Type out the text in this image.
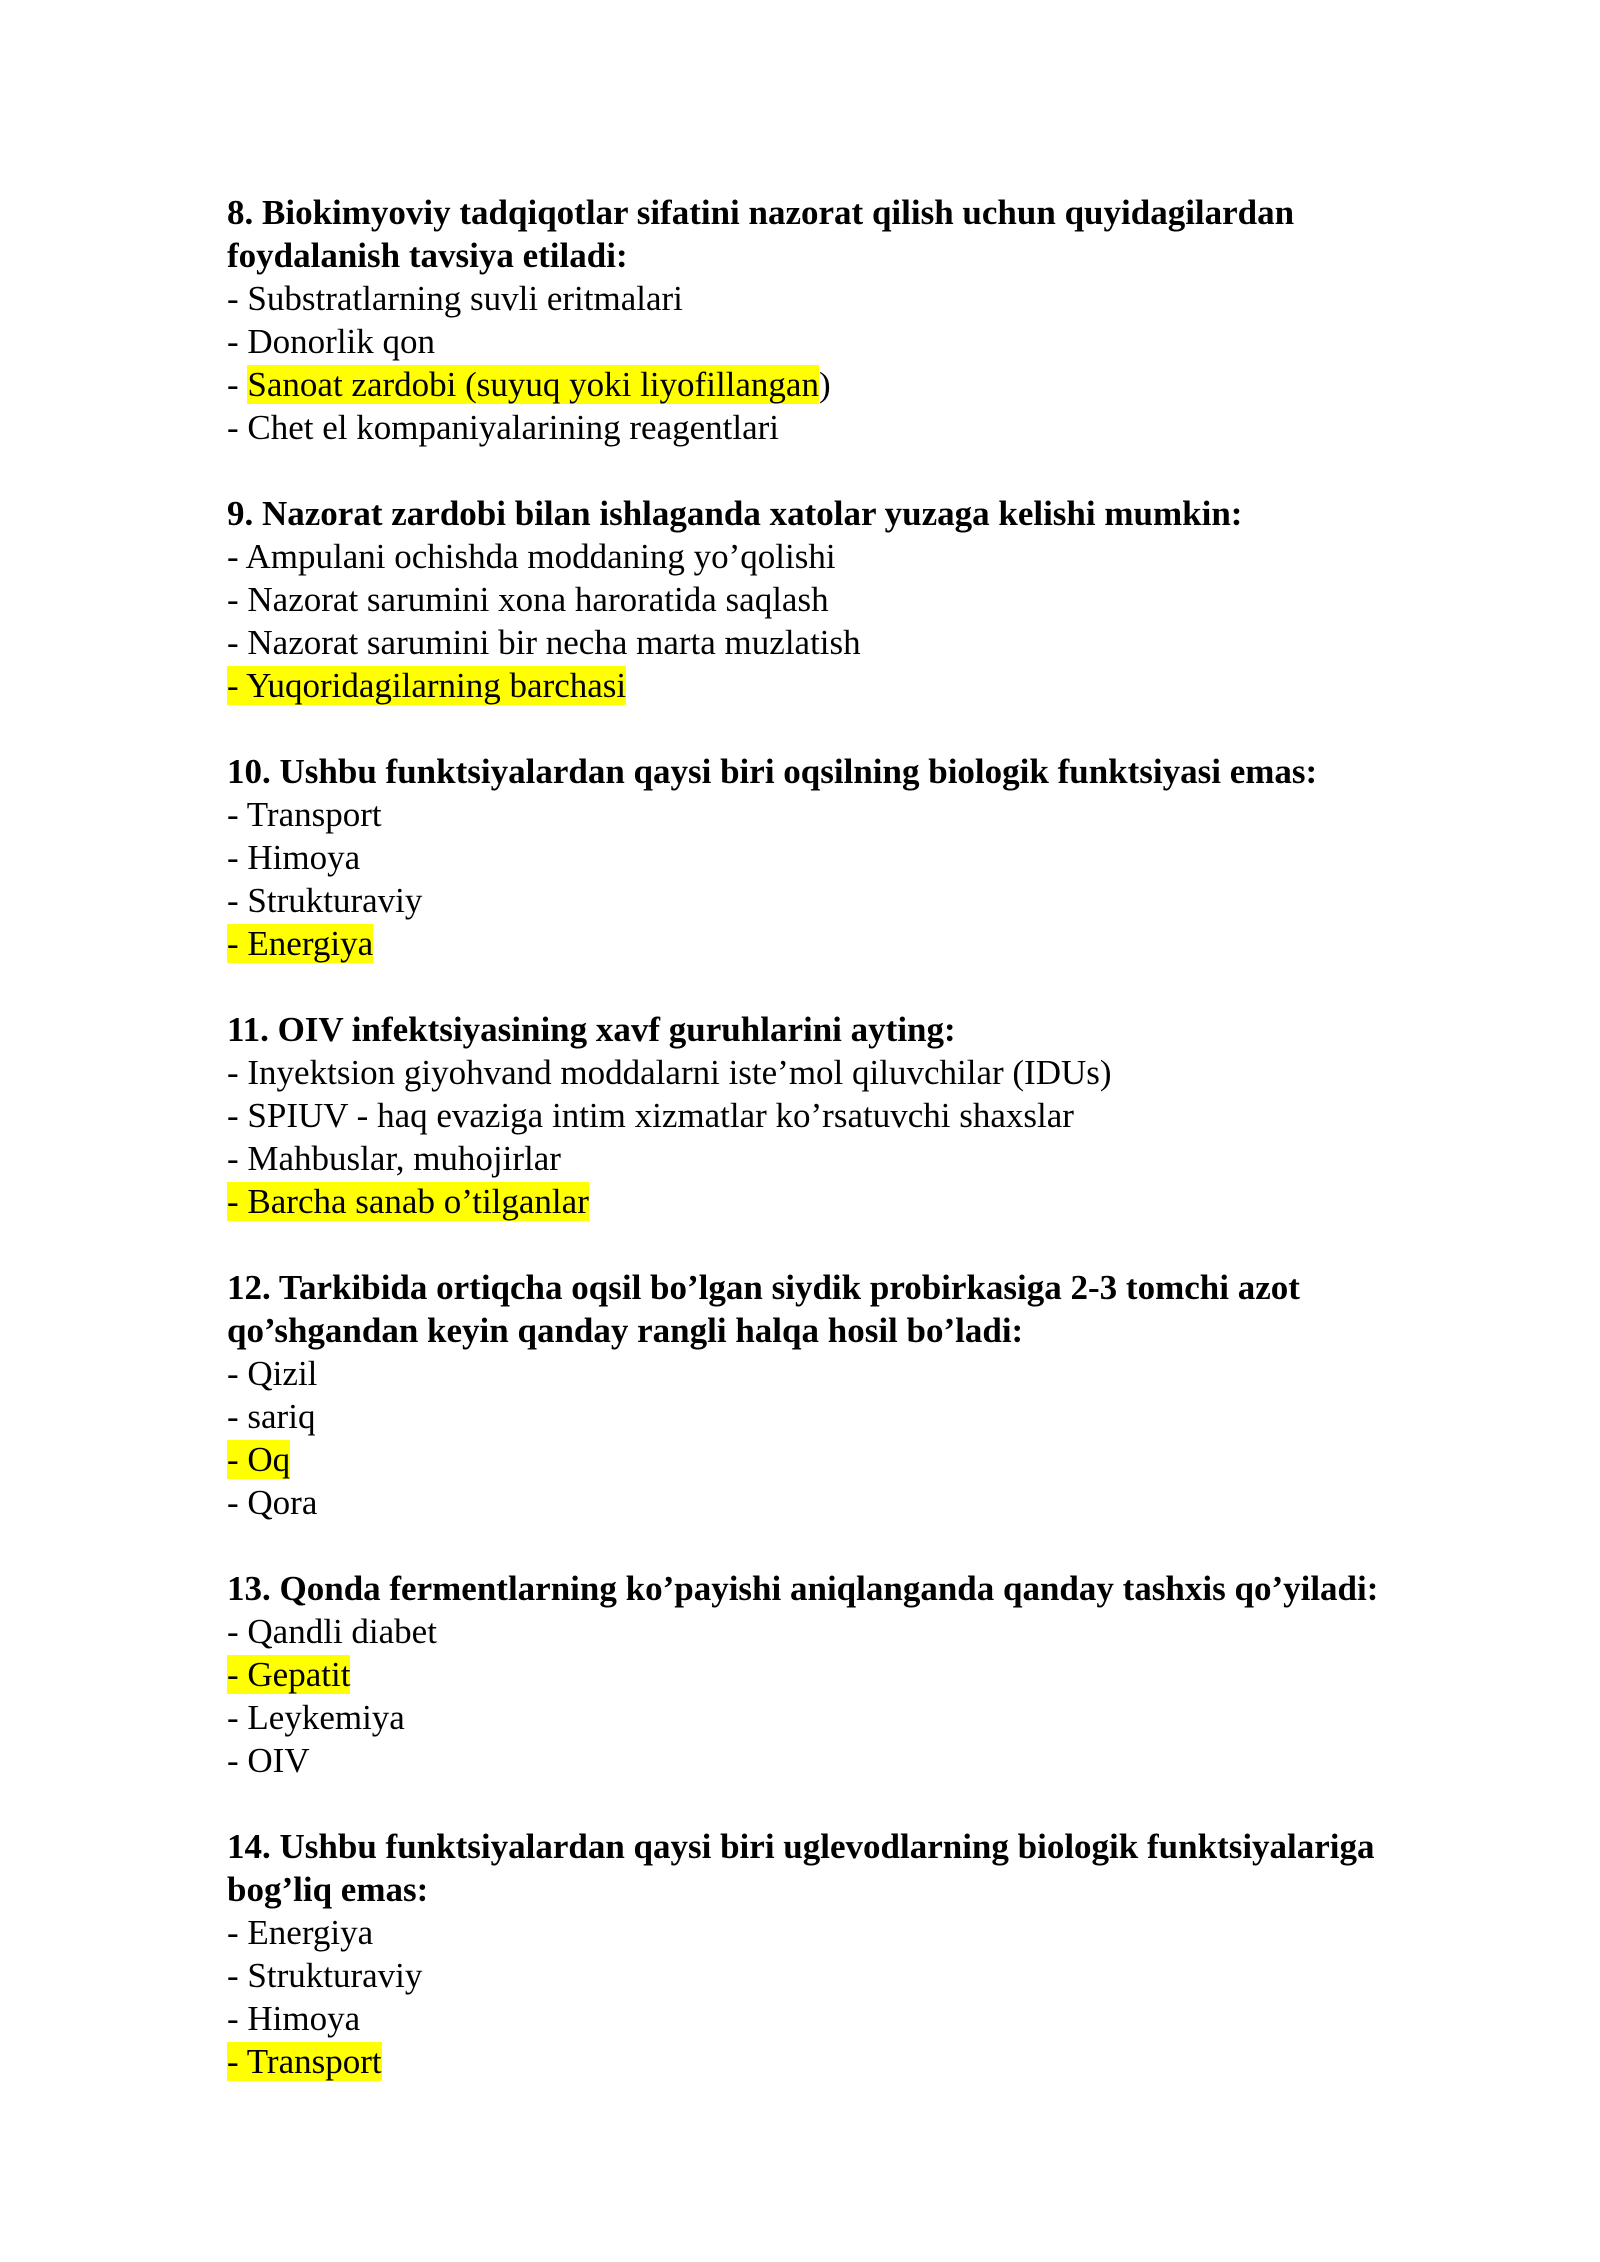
8. Biokimyoviy tadqiqotlar sifatini nazorat qilish uchun quyidagilardan

foydalanish tavsiya etiladi:

- Substratlarning suvli eritmalari

- Donorlik qon

- Sanoat zardobi (suyuq yoki liyofillangan)

- Chet el kompaniyalarining reagentlari

9. Nazorat zardobi bilan ishlaganda xatolar yuzaga kelishi mumkin:

- Ampulani ochishda moddaning yo’qolishi

- Nazorat sarumini xona haroratida saqlash

- Nazorat sarumini bir necha marta muzlatish

- Yuqoridagilarning barchasi

10. Ushbu funktsiyalardan qaysi biri oqsilning biologik funktsiyasi emas:

- Transport

- Himoya

- Strukturaviy

- Energiya

11. OIV infektsiyasining xavf guruhlarini ayting:

- Inyektsion giyohvand moddalarni iste’mol qiluvchilar (IDUs)

- SPIUV - haq evaziga intim xizmatlar ko’rsatuvchi shaxslar

- Mahbuslar, muhojirlar

- Barcha sanab o’tilganlar

12. Tarkibida ortiqcha oqsil bo’lgan siydik probirkasiga 2-3 tomchi azot

qo’shgandan keyin qanday rangli halqa hosil bo’ladi:

- Qizil

- sariq

- Oq

- Qora

13. Qonda fermentlarning ko’payishi aniqlanganda qanday tashxis qo’yiladi:

- Qandli diabet

- Gepatit

- Leykemiya

- OIV

14. Ushbu funktsiyalardan qaysi biri uglevodlarning biologik funktsiyalariga

bog’liq emas:

- Energiya

- Strukturaviy

- Himoya

- Transport
